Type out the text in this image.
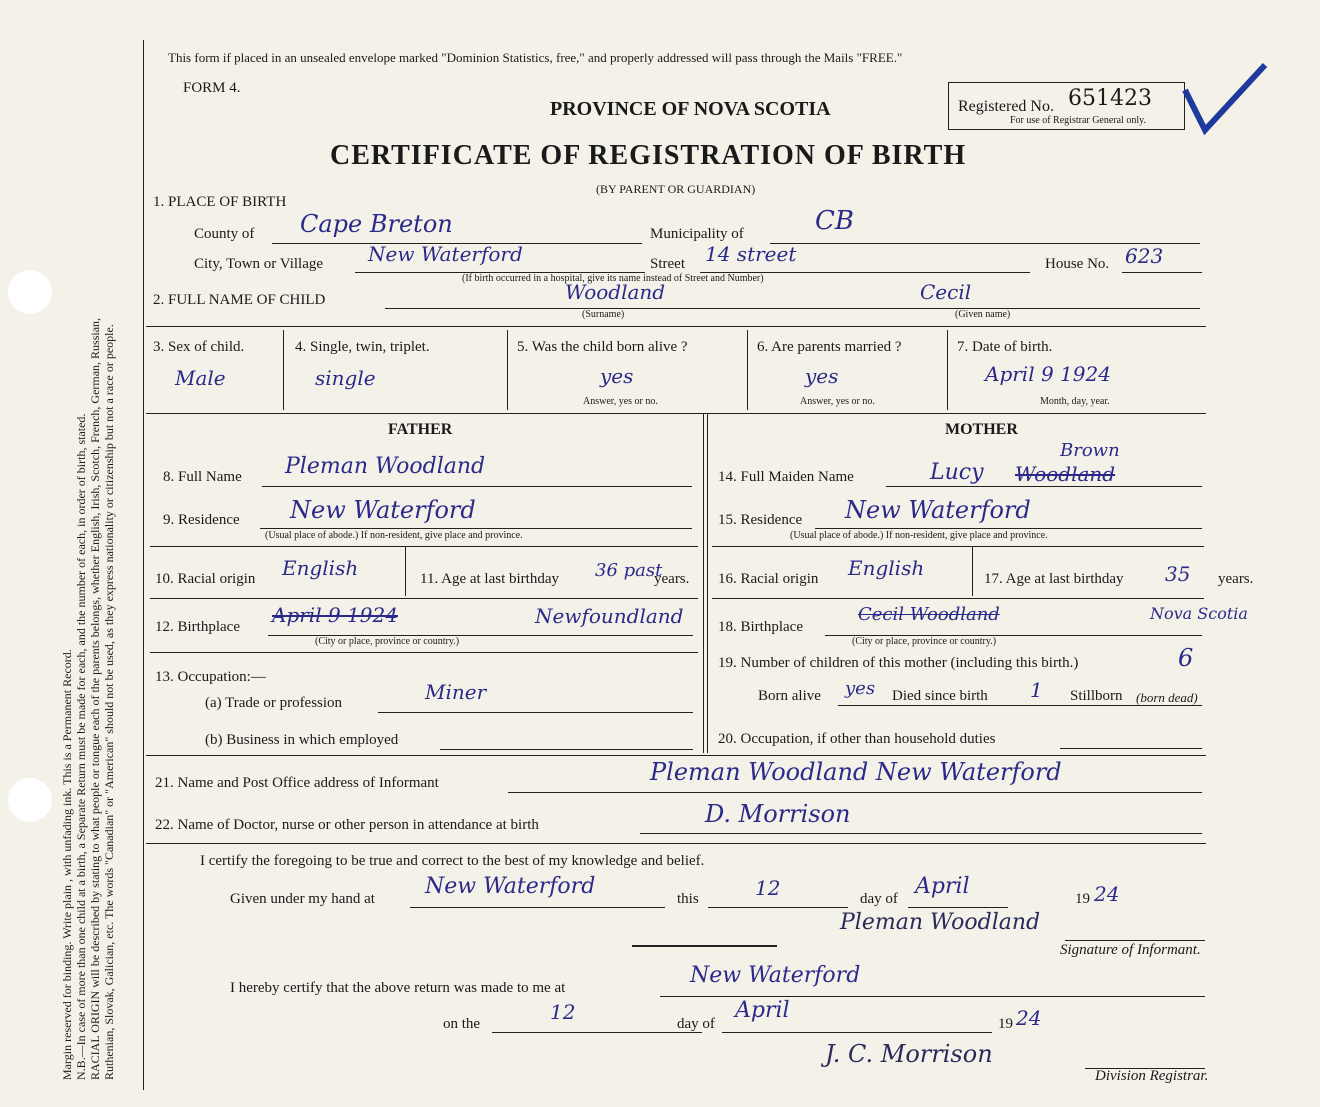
Margin reserved for binding. Write plain , with unfading ink. This is a Permanent Record. N.B.—In case of more than one child at a birth, a Separate Return must be made for each, and the number of each, in order of birth, stated. RACIAL ORIGIN will be described by stating to what people or tongue each of the parents belongs, whether English, Irish, Scotch, French, German, Russian, Ruthenian, Slovak, Galician, etc. The words "Canadian" or "American" should not be used, as they express nationality or citizenship but not a race or people.
This form if placed in an unsealed envelope marked "Dominion Statistics, free," and properly addressed will pass through the Mails "FREE."
FORM 4.
PROVINCE OF NOVA SCOTIA	Registered No. 651423
For use of Registrar General only.
CERTIFICATE OF REGISTRATION OF BIRTH
(BY PARENT OR GUARDIAN)
1. PLACE OF BIRTH
County of Cape Breton	Municipality of	CB
City, Town or Village New Waterford	Street 14 street	House No. 623
(If birth occurred in a hospital, give its name instead of Street and Number)
2. FULL NAME OF CHILD	Woodland	Cecil
(Surname)	(Given name)
3. Sex of child.
Male
4. Single, twin, triplet.
single
5. Was the child born alive ?
yes
Answer, yes or no.
6. Are parents married ?
yes
Answer, yes or no.
7. Date of birth.
April 9 1924
Month, day, year.
FATHER	MOTHER
8. Full Name Pleman Woodland
9. Residence New Waterford
(Usual place of abode.) If non-resident, give place and province.
10. Racial origin English	11. Age at last birthday 36 past
years.
12. Birthplace April 9 1924	Newfoundland
(City or place, province or country.)
13. Occupation:—
(a) Trade or profession	Miner
(b) Business in which employed
Brown
14. Full Maiden Name	Lucy Woodland
15. Residence New Waterford
(Usual place of abode.) If non-resident, give place and province.
16. Racial origin English	17. Age at last birthday 35 years.
18. Birthplace
Cecil Woodland	Nova Scotia
(City or place, province or country.)
19. Number of children of this mother (including this birth.)	6
Born alive yes Died since birth 1 Stillborn (born dead)
20. Occupation, if other than household duties
21. Name and Post Office address of Informant	Pleman Woodland New Waterford
22. Name of Doctor, nurse or other person in attendance at birth	D. Morrison
I certify the foregoing to be true and correct to the best of my knowledge and belief.
Given under my hand at New Waterford	this	12	day of April	19 24
Pleman Woodland
Signature of Informant.
I hereby certify that the above return was made to me at	New Waterford
on the	12	day of
April
19 24
J. C. Morrison
Division Registrar.
